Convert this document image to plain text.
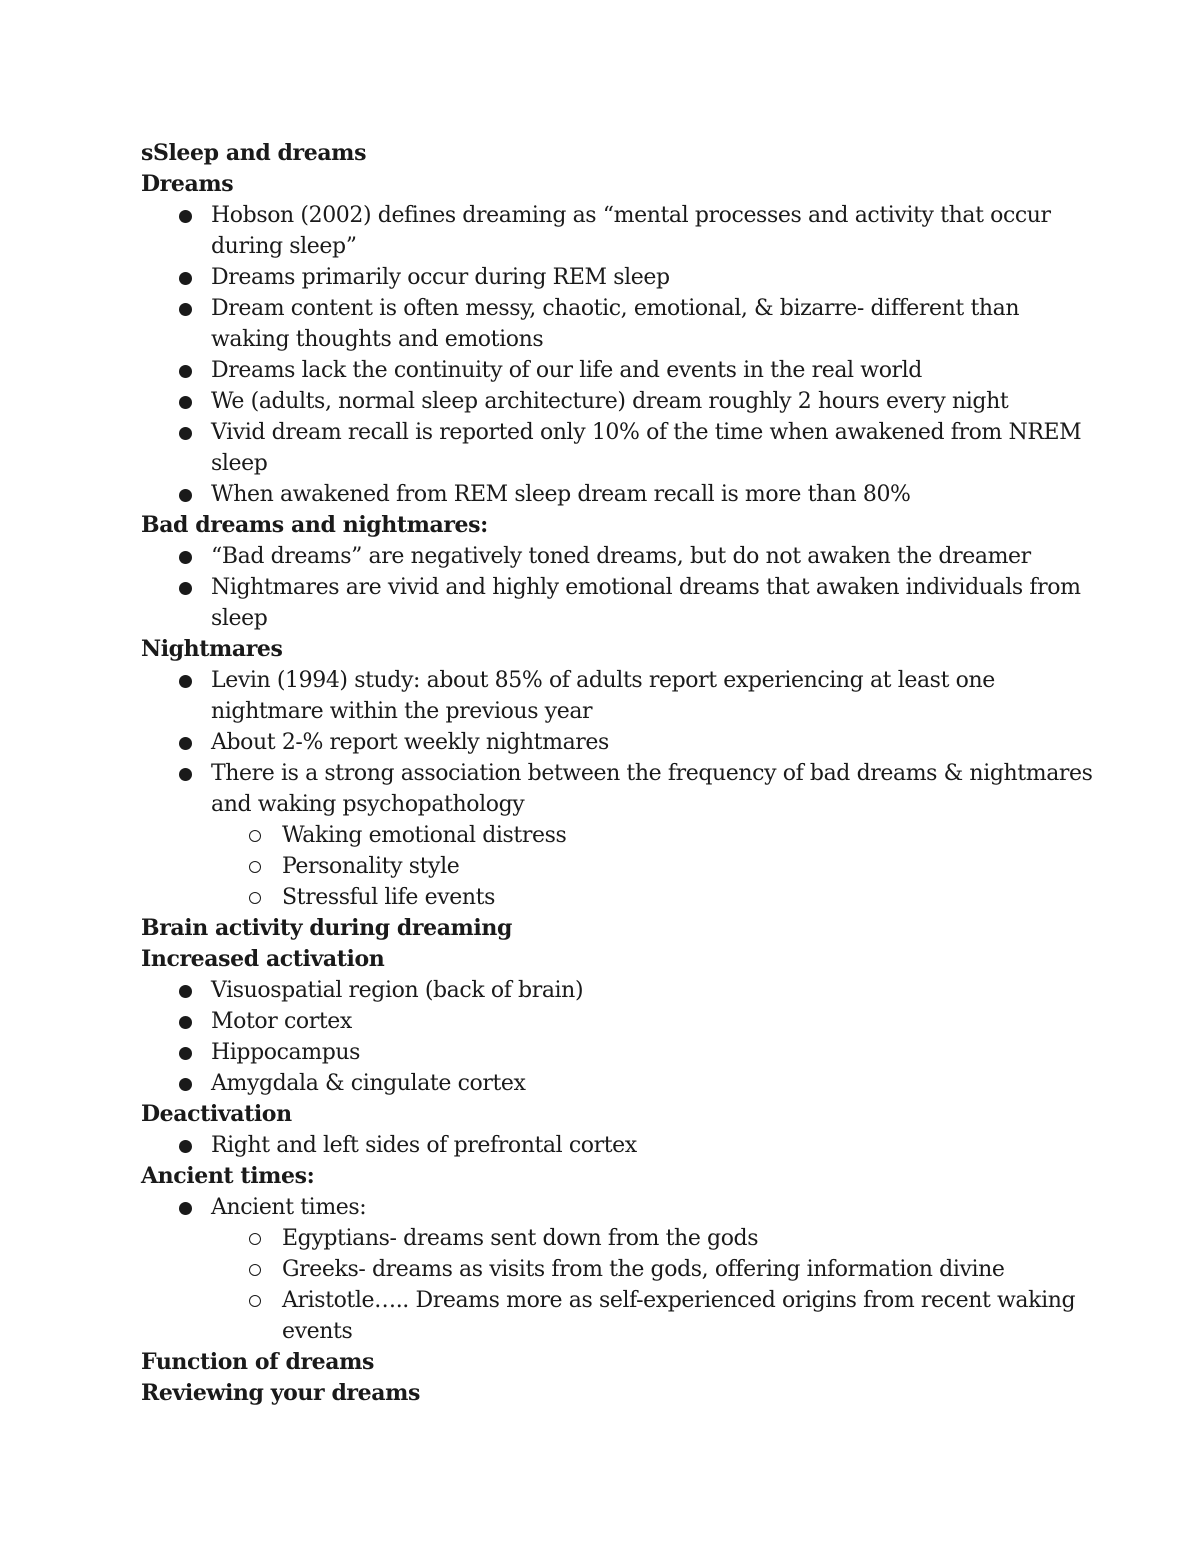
sSleep and dreams
Dreams
Hobson (2002) defines dreaming as “mental processes and activity that occur during sleep”
Dreams primarily occur during REM sleep
Dream content is often messy, chaotic, emotional, & bizarre- different than waking thoughts and emotions
Dreams lack the continuity of our life and events in the real world
We (adults, normal sleep architecture) dream roughly 2 hours every night
Vivid dream recall is reported only 10% of the time when awakened from NREM sleep
When awakened from REM sleep dream recall is more than 80%
Bad dreams and nightmares:
“Bad dreams” are negatively toned dreams, but do not awaken the dreamer
Nightmares are vivid and highly emotional dreams that awaken individuals from sleep
Nightmares
Levin (1994) study: about 85% of adults report experiencing at least one nightmare within the previous year
About 2-% report weekly nightmares
There is a strong association between the frequency of bad dreams & nightmares and waking psychopathology
Waking emotional distress
Personality style
Stressful life events
Brain activity during dreaming
Increased activation
Visuospatial region (back of brain)
Motor cortex
Hippocampus
Amygdala & cingulate cortex
Deactivation
Right and left sides of prefrontal cortex
Ancient times:
Ancient times:
Egyptians- dreams sent down from the gods
Greeks- dreams as visits from the gods, offering information divine
Aristotle….. Dreams more as self-experienced origins from recent waking events
Function of dreams
Reviewing your dreams
